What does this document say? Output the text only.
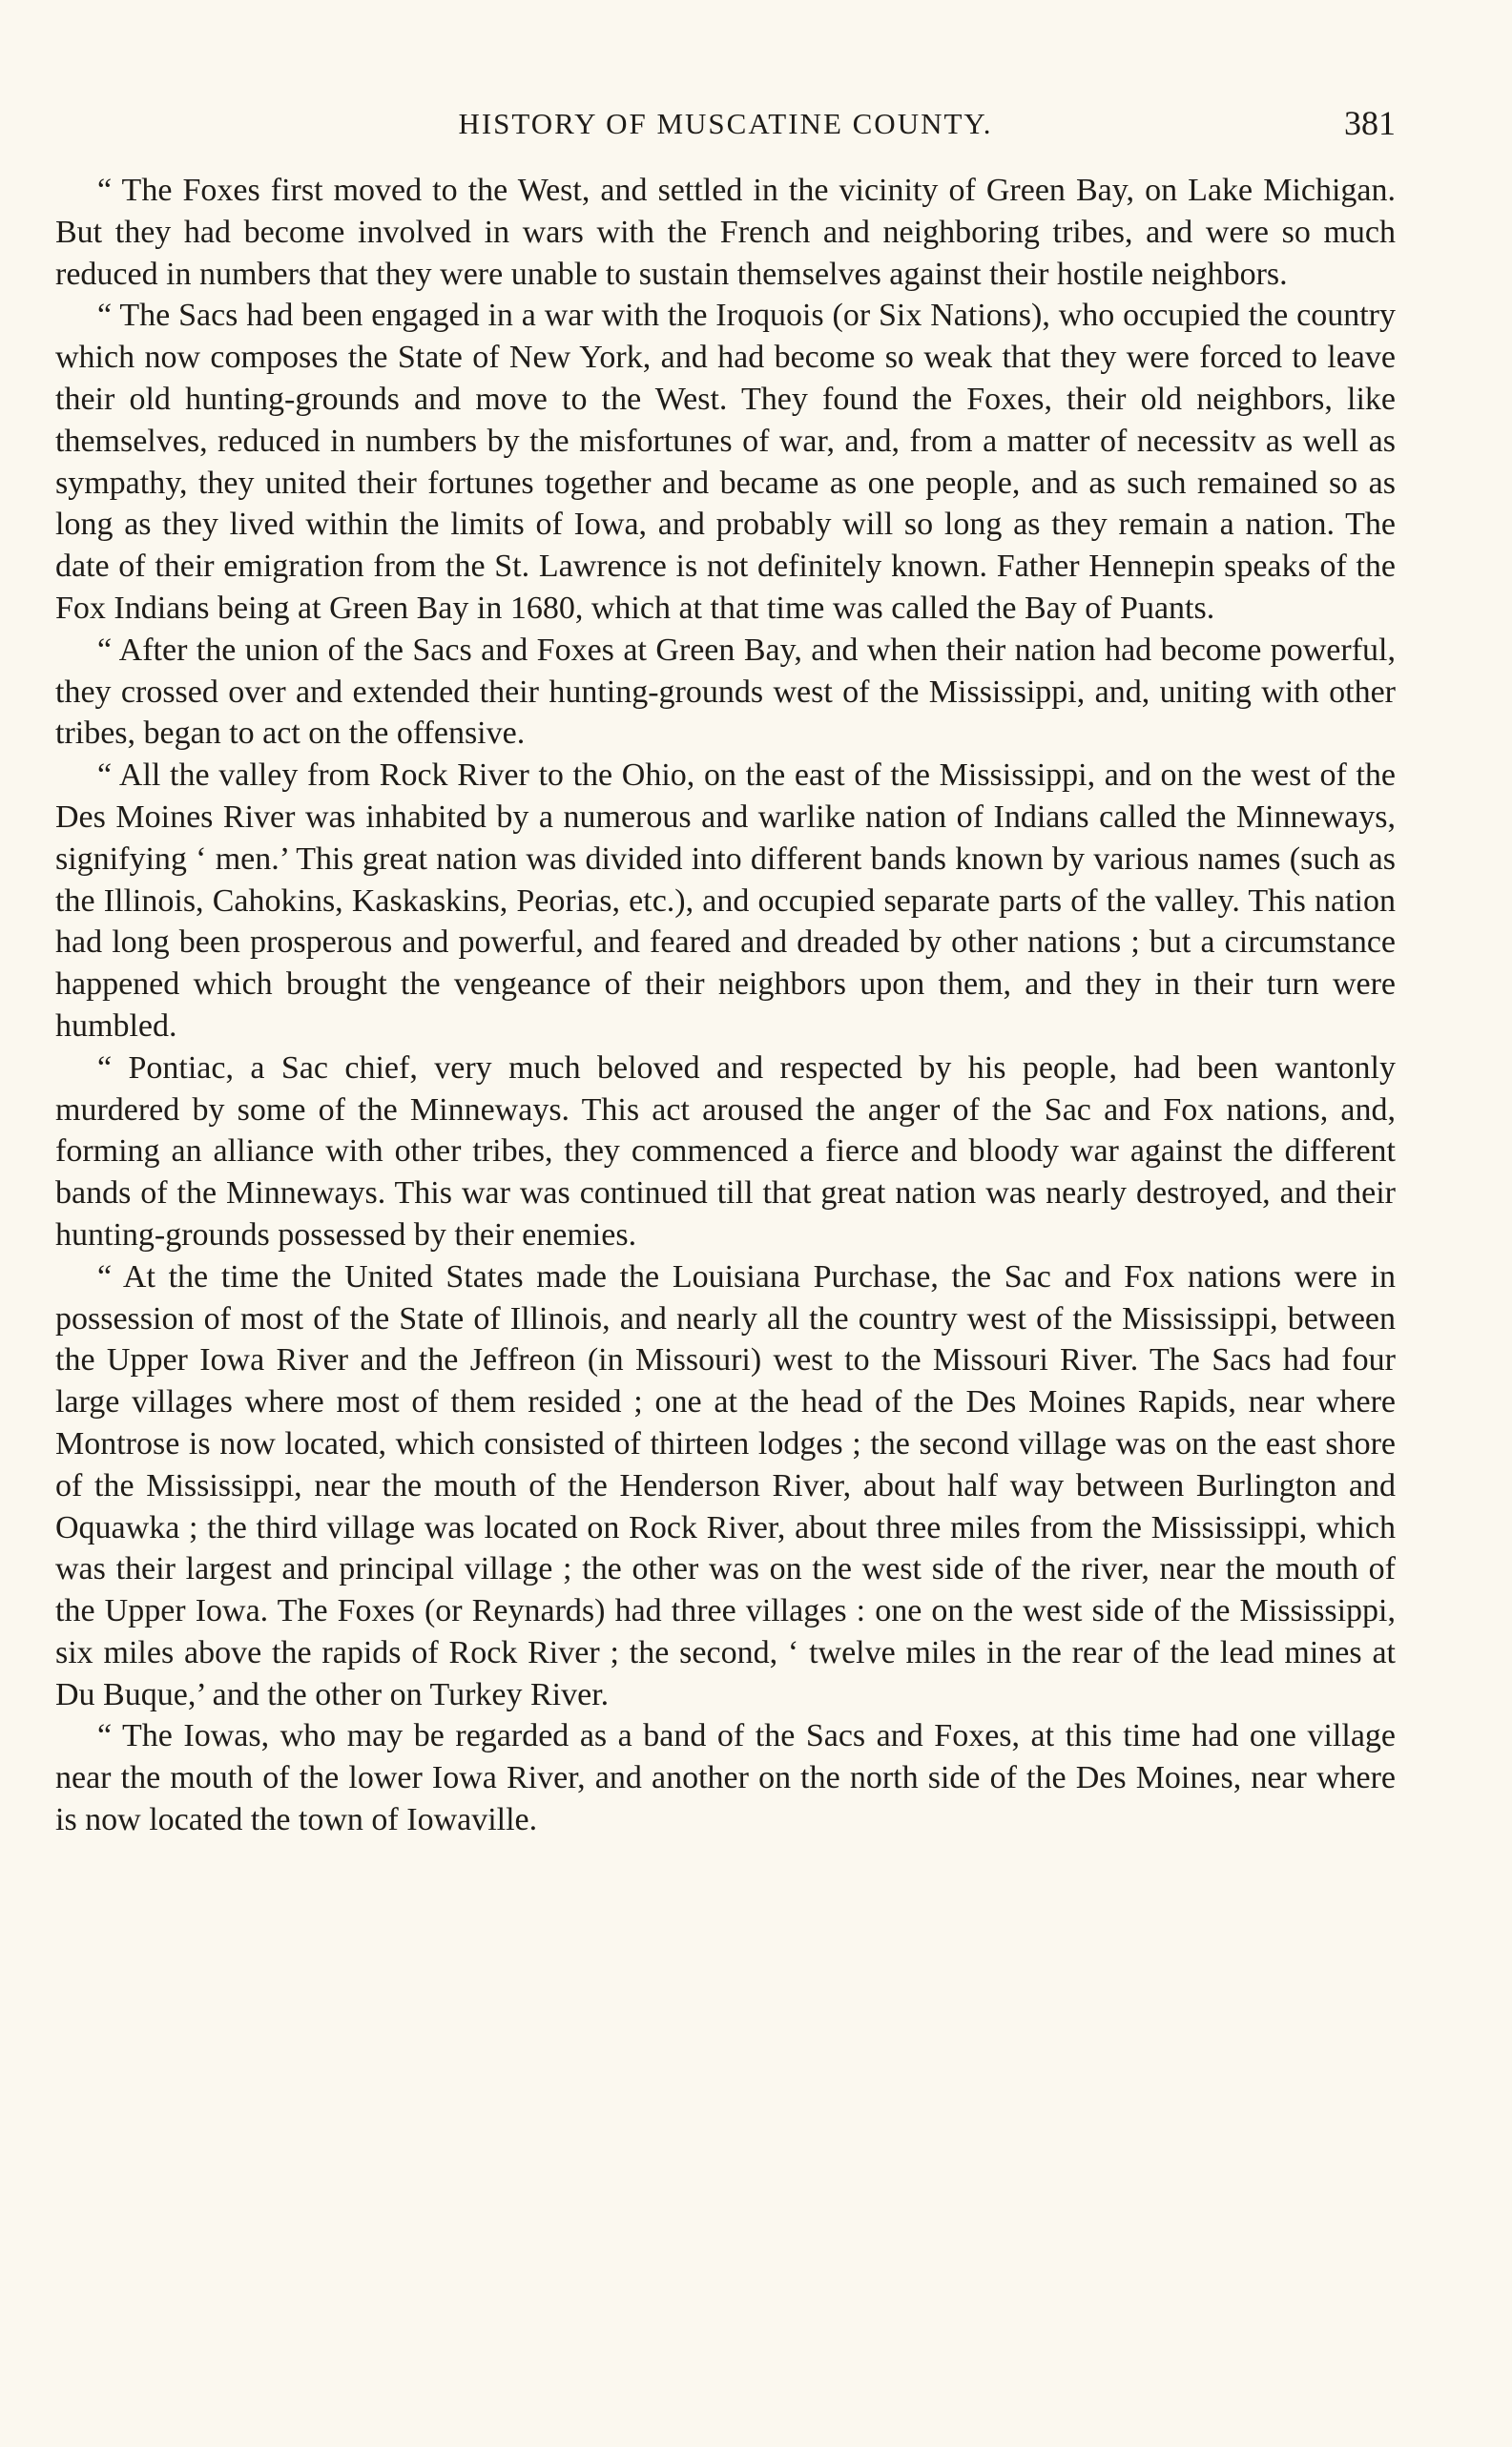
HISTORY OF MUSCATINE COUNTY.	381

“ The Foxes first moved to the West, and settled in the vicinity of Green Bay, on Lake Michigan. But they had become involved in wars with the French and neighboring tribes, and were so much reduced in numbers that they were unable to sustain themselves against their hostile neighbors.

“ The Sacs had been engaged in a war with the Iroquois (or Six Nations), who occupied the country which now composes the State of New York, and had become so weak that they were forced to leave their old hunting-grounds and move to the West. They found the Foxes, their old neighbors, like themselves, reduced in numbers by the misfortunes of war, and, from a matter of necessitv as well as sympathy, they united their fortunes together and became as one people, and as such remained so as long as they lived within the limits of Iowa, and probably will so long as they remain a nation. The date of their emigration from the St. Lawrence is not definitely known. Father Hennepin speaks of the Fox Indians being at Green Bay in 1680, which at that time was called the Bay of Puants.

“ After the union of the Sacs and Foxes at Green Bay, and when their nation had become powerful, they crossed over and extended their hunting-grounds west of the Mississippi, and, uniting with other tribes, began to act on the offensive.

“ All the valley from Rock River to the Ohio, on the east of the Mississippi, and on the west of the Des Moines River was inhabited by a numerous and warlike nation of Indians called the Minneways, signifying ‘ men.’ This great nation was divided into different bands known by various names (such as the Illinois, Cahokins, Kaskaskins, Peorias, etc.), and occupied separate parts of the valley. This nation had long been prosperous and powerful, and feared and dreaded by other nations ; but a circumstance happened which brought the vengeance of their neighbors upon them, and they in their turn were humbled.

“ Pontiac, a Sac chief, very much beloved and respected by his people, had been wantonly murdered by some of the Minneways. This act aroused the anger of the Sac and Fox nations, and, forming an alliance with other tribes, they commenced a fierce and bloody war against the different bands of the Minneways. This war was continued till that great nation was nearly destroyed, and their hunting-grounds possessed by their enemies.

“ At the time the United States made the Louisiana Purchase, the Sac and Fox nations were in possession of most of the State of Illinois, and nearly all the country west of the Mississippi, between the Upper Iowa River and the Jeffreon (in Missouri) west to the Missouri River. The Sacs had four large villages where most of them resided ; one at the head of the Des Moines Rapids, near where Montrose is now located, which consisted of thirteen lodges ; the second village was on the east shore of the Mississippi, near the mouth of the Henderson River, about half way between Burlington and Oquawka ; the third village was located on Rock River, about three miles from the Mississippi, which was their largest and principal village ; the other was on the west side of the river, near the mouth of the Upper Iowa. The Foxes (or Reynards) had three villages : one on the west side of the Mississippi, six miles above the rapids of Rock River ; the second, ‘ twelve miles in the rear of the lead mines at Du Buque,’ and the other on Turkey River.

“ The Iowas, who may be regarded as a band of the Sacs and Foxes, at this time had one village near the mouth of the lower Iowa River, and another on the north side of the Des Moines, near where is now located the town of Iowaville.
